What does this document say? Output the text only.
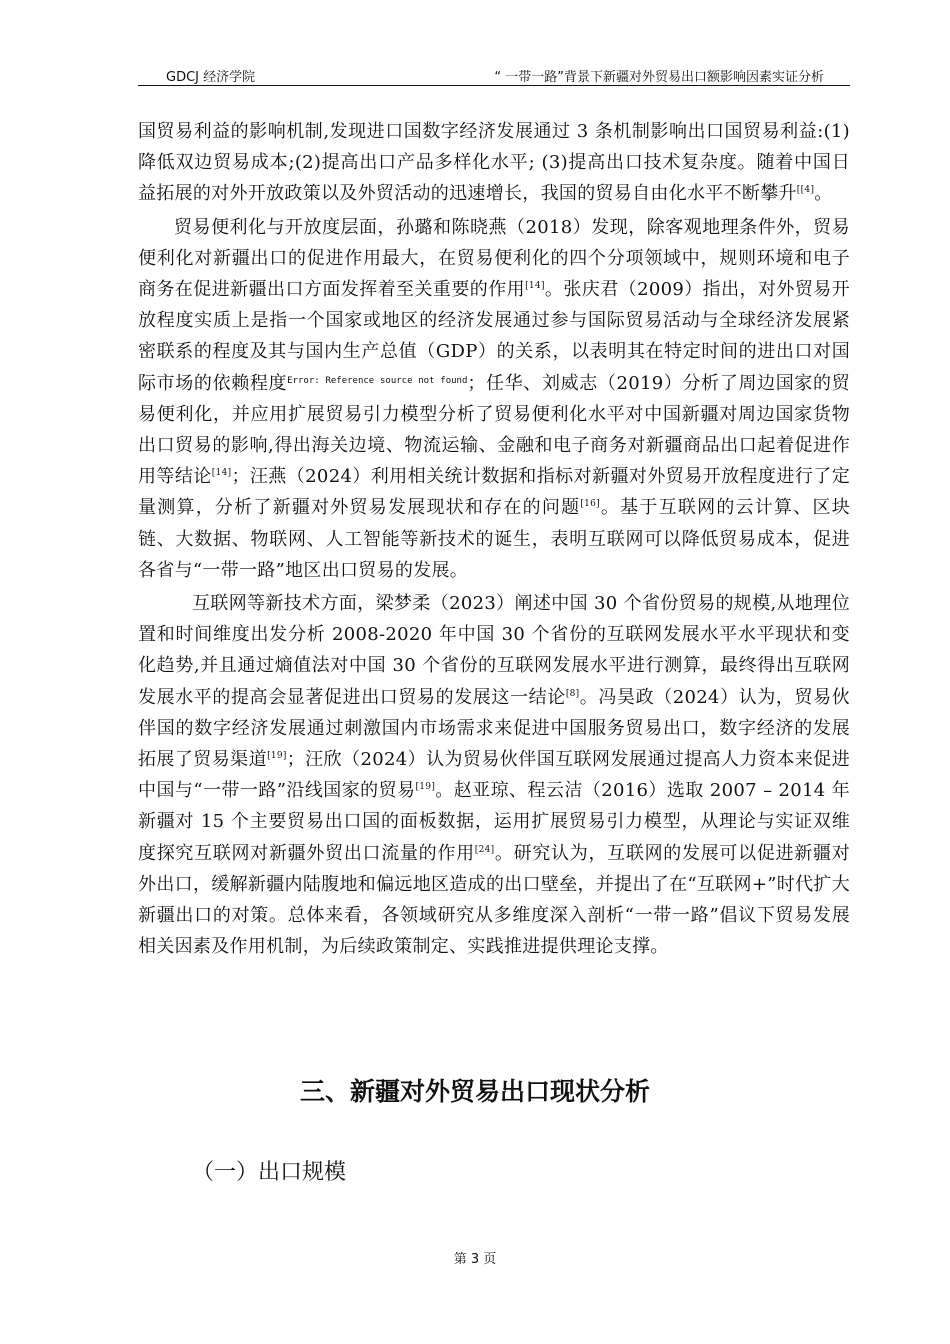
GDCJ 经济学院	“ 一带一路”背景下新疆对外贸易出口额影响因素实证分析

国贸易利益的影响机制,发现进口国数字经济发展通过 3 条机制影响出口国贸易利益:(1)降低双边贸易成本;(2)提高出口产品多样化水平; (3)提高出口技术复杂度。随着中国日益拓展的对外开放政策以及外贸活动的迅速增长，我国的贸易自由化水平不断攀升[[4]。

贸易便利化与开放度层面，孙璐和陈晓燕（2018）发现，除客观地理条件外，贸易便利化对新疆出口的促进作用最大，在贸易便利化的四个分项领域中，规则环境和电子商务在促进新疆出口方面发挥着至关重要的作用[14]。张庆君（2009）指出，对外贸易开放程度实质上是指一个国家或地区的经济发展通过参与国际贸易活动与全球经济发展紧密联系的程度及其与国内生产总值（GDP）的关系，以表明其在特定时间的进出口对国际市场的依赖程度$^{Error: Reference source not found}$；任华、刘威志（2019）分析了周边国家的贸易便利化，并应用扩展贸易引力模型分析了贸易便利化水平对中国新疆对周边国家货物出口贸易的影响,得出海关边境、物流运输、金融和电子商务对新疆商品出口起着促进作用等结论[14]；汪燕（2024）利用相关统计数据和指标对新疆对外贸易开放程度进行了定量测算，分析了新疆对外贸易发展现状和存在的问题[16]。基于互联网的云计算、区块链、大数据、物联网、人工智能等新技术的诞生，表明互联网可以降低贸易成本，促进各省与“一带一路”地区出口贸易的发展。

互联网等新技术方面，梁梦柔（2023）阐述中国 30 个省份贸易的规模,从地理位置和时间维度出发分析 2008-2020 年中国 30 个省份的互联网发展水平水平现状和变化趋势,并且通过熵值法对中国 30 个省份的互联网发展水平进行测算，最终得出互联网发展水平的提高会显著促进出口贸易的发展这一结论[8]。冯昊政（2024）认为，贸易伙伴国的数字经济发展通过刺激国内市场需求来促进中国服务贸易出口，数字经济的发展拓展了贸易渠道[19]；汪欣（2024）认为贸易伙伴国互联网发展通过提高人力资本来促进中国与“一带一路”沿线国家的贸易[19]。赵亚琼、程云洁（2016）选取 2007 – 2014 年新疆对 15 个主要贸易出口国的面板数据，运用扩展贸易引力模型，从理论与实证双维度探究互联网对新疆外贸出口流量的作用[24]。研究认为，互联网的发展可以促进新疆对外出口，缓解新疆内陆腹地和偏远地区造成的出口壁垒，并提出了在“互联网+”时代扩大新疆出口的对策。总体来看，各领域研究从多维度深入剖析“一带一路”倡议下贸易发展相关因素及作用机制，为后续政策制定、实践推进提供理论支撑。

三、新疆对外贸易出口现状分析
（一）出口规模
第 3 页
